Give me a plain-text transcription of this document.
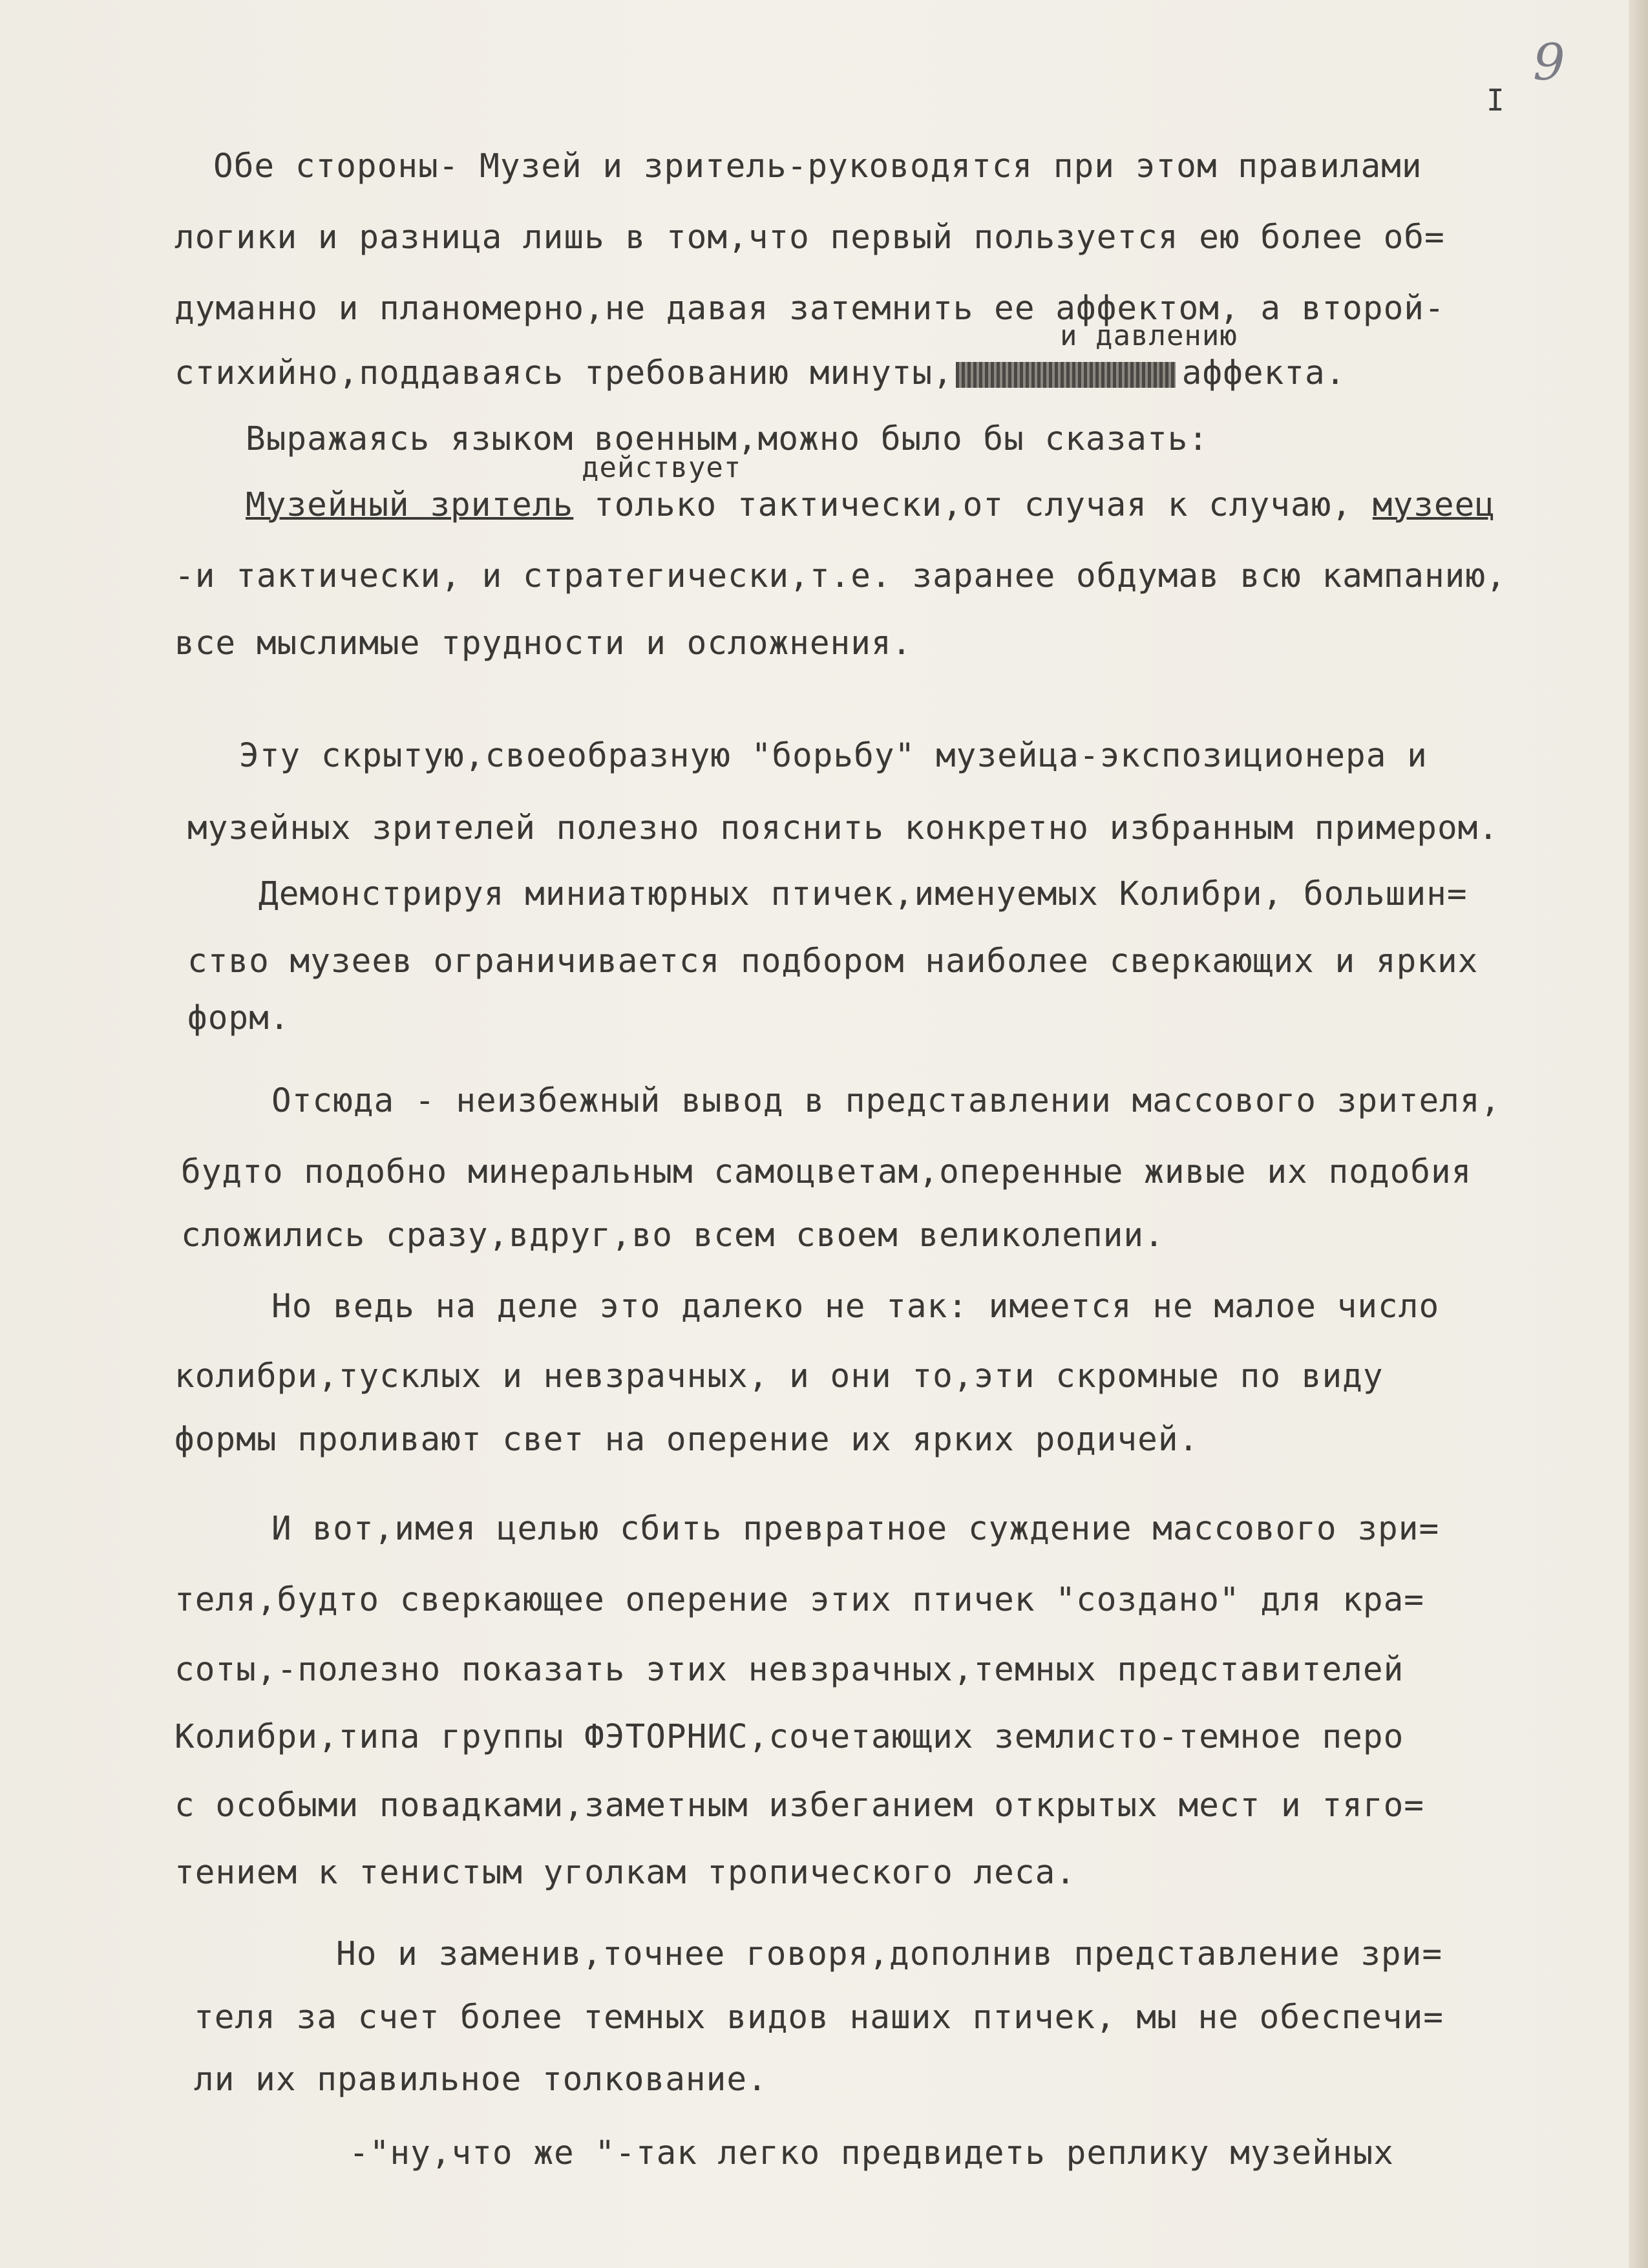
9
I
Обе стороны- Музей и зритель-руководятся при этом правилами
логики и разница лишь в том,что первый пользуется ею более об=
думанно и планомерно,не давая затемнить ее аффектом, а второй-
и давлению
стихийно,поддаваясь требованию минуты,	аффекта.
Выражаясь языком военным,можно было бы сказать:
действует
Музейный зритель только тактически,от случая к случаю, музеец
-и тактически, и стратегически,т.е. заранее обдумав всю кампанию,
все мыслимые трудности и осложнения.
Эту скрытую,своеобразную "борьбу" музейца-экспозиционера и
музейных зрителей полезно пояснить конкретно избранным примером.
Демонстрируя миниатюрных птичек,именуемых Колибри, большин=
ство музеев ограничивается подбором наиболее сверкающих и ярких
форм.
Отсюда - неизбежный вывод в представлении массового зрителя,
будто подобно минеральным самоцветам,оперенные живые их подобия
сложились сразу,вдруг,во всем своем великолепии.
Но ведь на деле это далеко не так: имеется не малое число
колибри,тусклых и невзрачных, и они то,эти скромные по виду
формы проливают свет на оперение их ярких родичей.
И вот,имея целью сбить превратное суждение массового зри=
теля,будто сверкающее оперение этих птичек "создано" для кра=
соты,-полезно показать этих невзрачных,темных представителей
Колибри,типа группы ФЭТОРНИС,сочетающих землисто-темное перо
с особыми повадками,заметным избеганием открытых мест и тяго=
тением к тенистым уголкам тропического леса.
Но и заменив,точнее говоря,дополнив представление зри=
теля за счет более темных видов наших птичек, мы не обеспечи=
ли их правильное толкование.
-"ну,что же "-так легко предвидеть реплику музейных
